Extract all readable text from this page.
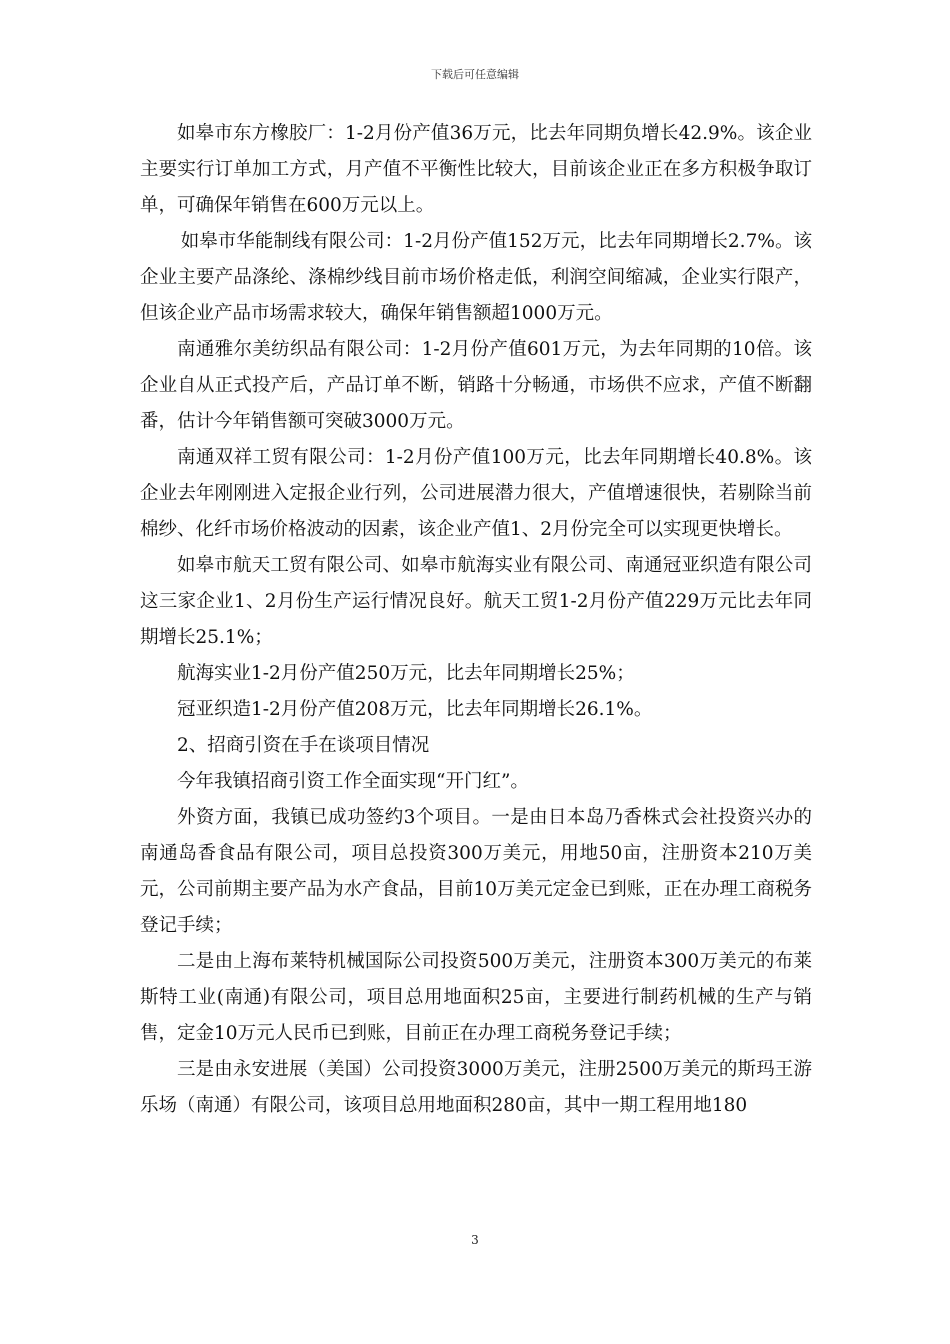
下载后可任意编辑

如皋市东方橡胶厂：1-2月份产值36万元，比去年同期负增长42.9%。该企业主要实行订单加工方式，月产值不平衡性比较大，目前该企业正在多方积极争取订单，可确保年销售在600万元以上。

如皋市华能制线有限公司：1-2月份产值152万元，比去年同期增长2.7%。该企业主要产品涤纶、涤棉纱线目前市场价格走低，利润空间缩减，企业实行限产，但该企业产品市场需求较大，确保年销售额超1000万元。

南通雅尔美纺织品有限公司：1-2月份产值601万元，为去年同期的10倍。该企业自从正式投产后，产品订单不断，销路十分畅通，市场供不应求，产值不断翻番，估计今年销售额可突破3000万元。

南通双祥工贸有限公司：1-2月份产值100万元，比去年同期增长40.8%。该企业去年刚刚进入定报企业行列，公司进展潜力很大，产值增速很快，若剔除当前棉纱、化纤市场价格波动的因素，该企业产值1、2月份完全可以实现更快增长。

如皋市航天工贸有限公司、如皋市航海实业有限公司、南通冠亚织造有限公司这三家企业1、2月份生产运行情况良好。航天工贸1-2月份产值229万元比去年同期增长25.1%；

航海实业1-2月份产值250万元，比去年同期增长25%；

冠亚织造1-2月份产值208万元，比去年同期增长26.1%。

2、招商引资在手在谈项目情况

今年我镇招商引资工作全面实现“开门红”。

外资方面，我镇已成功签约3个项目。一是由日本岛乃香株式会社投资兴办的南通岛香食品有限公司，项目总投资300万美元，用地50亩，注册资本210万美元，公司前期主要产品为水产食品，目前10万美元定金已到账，正在办理工商税务登记手续；

二是由上海布莱特机械国际公司投资500万美元，注册资本300万美元的布莱斯特工业(南通)有限公司，项目总用地面积25亩，主要进行制药机械的生产与销售，定金10万元人民币已到账，目前正在办理工商税务登记手续；

三是由永安进展（美国）公司投资3000万美元，注册2500万美元的斯玛王游乐场（南通）有限公司，该项目总用地面积280亩，其中一期工程用地180

3
